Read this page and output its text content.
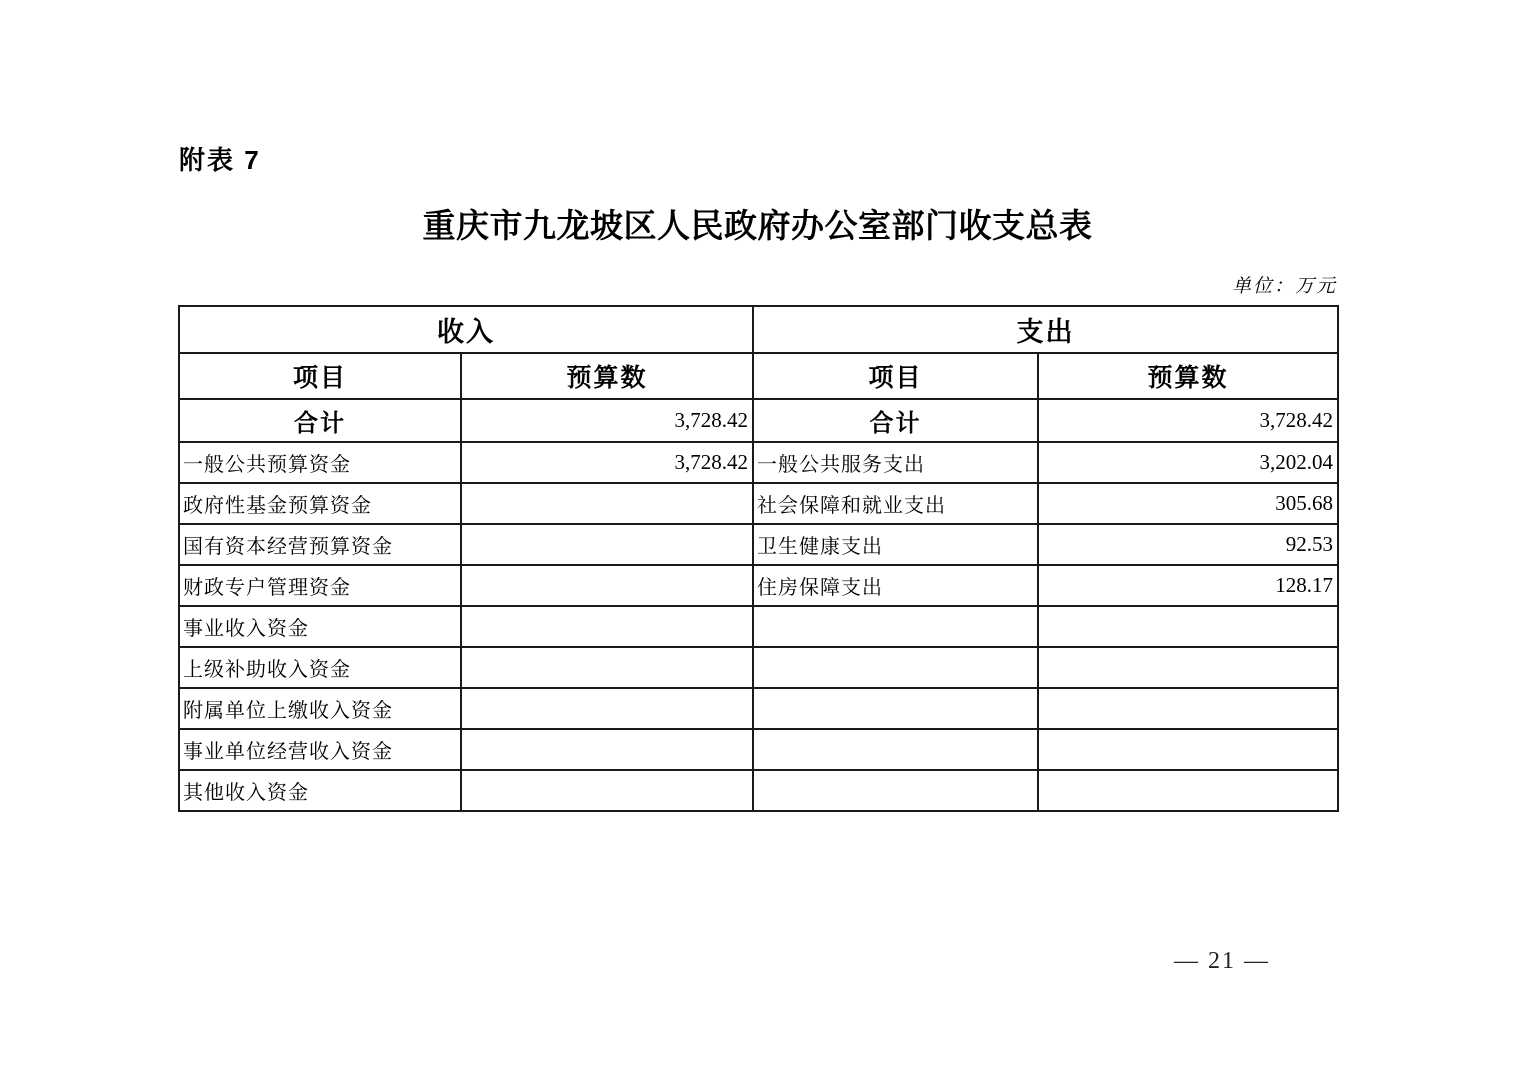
附表 7
重庆市九龙坡区人民政府办公室部门收支总表
单位：万元
收入		支出	
项目	预算数	项目	预算数
合计	3,728.42	合计	3,728.42
一般公共预算资金	3,728.42	一般公共服务支出	3,202.04
政府性基金预算资金		社会保障和就业支出	305.68
国有资本经营预算资金		卫生健康支出	92.53
财政专户管理资金		住房保障支出	128.17
事业收入资金			
上级补助收入资金			
附属单位上缴收入资金			
事业单位经营收入资金			
其他收入资金			
— 21 —
